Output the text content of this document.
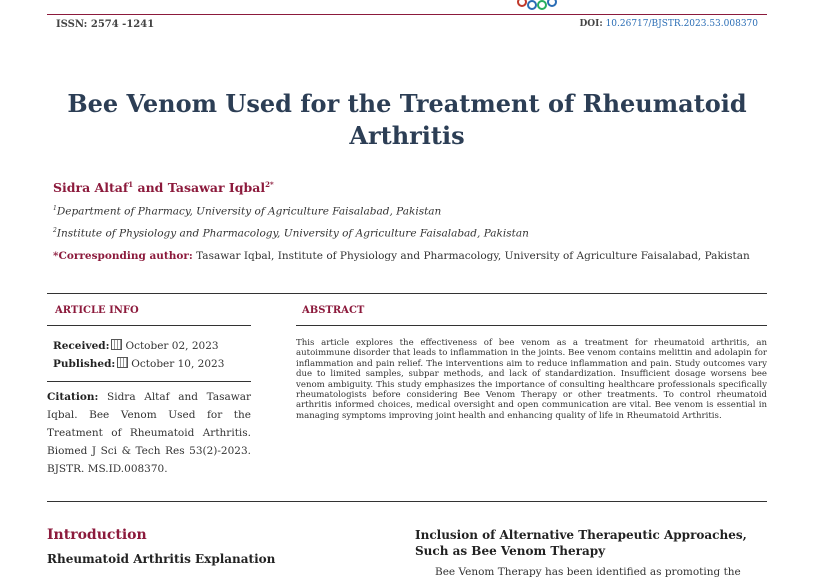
ISSN: 2574 -1241	DOI: 10.26717/BJSTR.2023.53.008370
Bee Venom Used for the Treatment of Rheumatoid Arthritis
Sidra Altaf$^1$ and Tasawar Iqbal$^{2*}$
$^1$Department of Pharmacy, University of Agriculture Faisalabad, Pakistan
$^2$Institute of Physiology and Pharmacology, University of Agriculture Faisalabad, Pakistan
*Corresponding author: Tasawar Iqbal, Institute of Physiology and Pharmacology, University of Agriculture Faisalabad, Pakistan
ARTICLE INFO	ABSTRACT
Received: October 02, 2023
Published: October 10, 2023
Citation: Sidra Altaf and Tasawar Iqbal. Bee Venom Used for the Treatment of Rheumatoid Arthritis. Biomed J Sci & Tech Res 53(2)-2023. BJSTR. MS.ID.008370.
This article explores the effectiveness of bee venom as a treatment for rheumatoid arthritis, an autoimmune disorder that leads to inflammation in the joints. Bee venom contains melittin and adolapin for inflammation and pain relief. The interventions aim to reduce inflammation and pain. Study outcomes vary due to limited samples, subpar methods, and lack of standardization. Insufficient dosage worsens bee venom ambiguity. This study emphasizes the importance of consulting healthcare professionals specifically rheumatologists before considering Bee Venom Therapy or other treatments. To control rheumatoid arthritis informed choices, medical oversight and open communication are vital. Bee venom is essential in managing symptoms improving joint health and enhancing quality of life in Rheumatoid Arthritis.
Introduction
Rheumatoid Arthritis Explanation
Inclusion of Alternative Therapeutic Approaches, Such as Bee Venom Therapy
Bee Venom Therapy has been identified as promoting the
